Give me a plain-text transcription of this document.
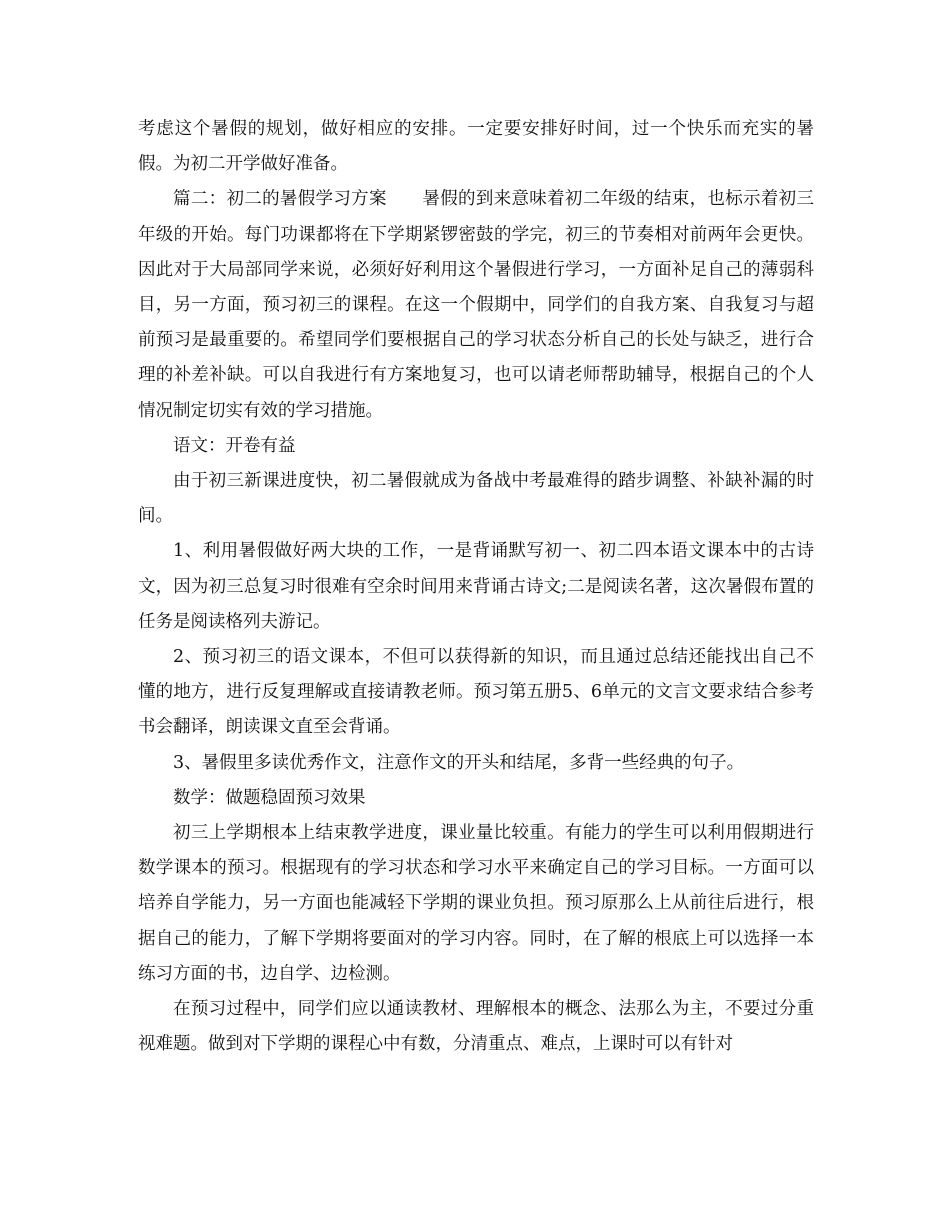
考虑这个暑假的规划，做好相应的安排。一定要安排好时间，过一个快乐而充实的暑假。为初二开学做好准备。

篇二：初二的暑假学习方案　　暑假的到来意味着初二年级的结束，也标示着初三年级的开始。每门功课都将在下学期紧锣密鼓的学完，初三的节奏相对前两年会更快。因此对于大局部同学来说，必须好好利用这个暑假进行学习，一方面补足自己的薄弱科目，另一方面，预习初三的课程。在这一个假期中，同学们的自我方案、自我复习与超前预习是最重要的。希望同学们要根据自己的学习状态分析自己的长处与缺乏，进行合理的补差补缺。可以自我进行有方案地复习，也可以请老师帮助辅导，根据自己的个人情况制定切实有效的学习措施。

语文：开卷有益

由于初三新课进度快，初二暑假就成为备战中考最难得的踏步调整、补缺补漏的时间。

1、利用暑假做好两大块的工作，一是背诵默写初一、初二四本语文课本中的古诗文，因为初三总复习时很难有空余时间用来背诵古诗文;二是阅读名著，这次暑假布置的任务是阅读格列夫游记。

2、预习初三的语文课本，不但可以获得新的知识，而且通过总结还能找出自己不懂的地方，进行反复理解或直接请教老师。预习第五册5、6单元的文言文要求结合参考书会翻译，朗读课文直至会背诵。

3、暑假里多读优秀作文，注意作文的开头和结尾，多背一些经典的句子。

数学：做题稳固预习效果

初三上学期根本上结束教学进度，课业量比较重。有能力的学生可以利用假期进行数学课本的预习。根据现有的学习状态和学习水平来确定自己的学习目标。一方面可以培养自学能力，另一方面也能减轻下学期的课业负担。预习原那么上从前往后进行，根据自己的能力，了解下学期将要面对的学习内容。同时，在了解的根底上可以选择一本练习方面的书，边自学、边检测。

在预习过程中，同学们应以通读教材、理解根本的概念、法那么为主，不要过分重视难题。做到对下学期的课程心中有数，分清重点、难点，上课时可以有针对
